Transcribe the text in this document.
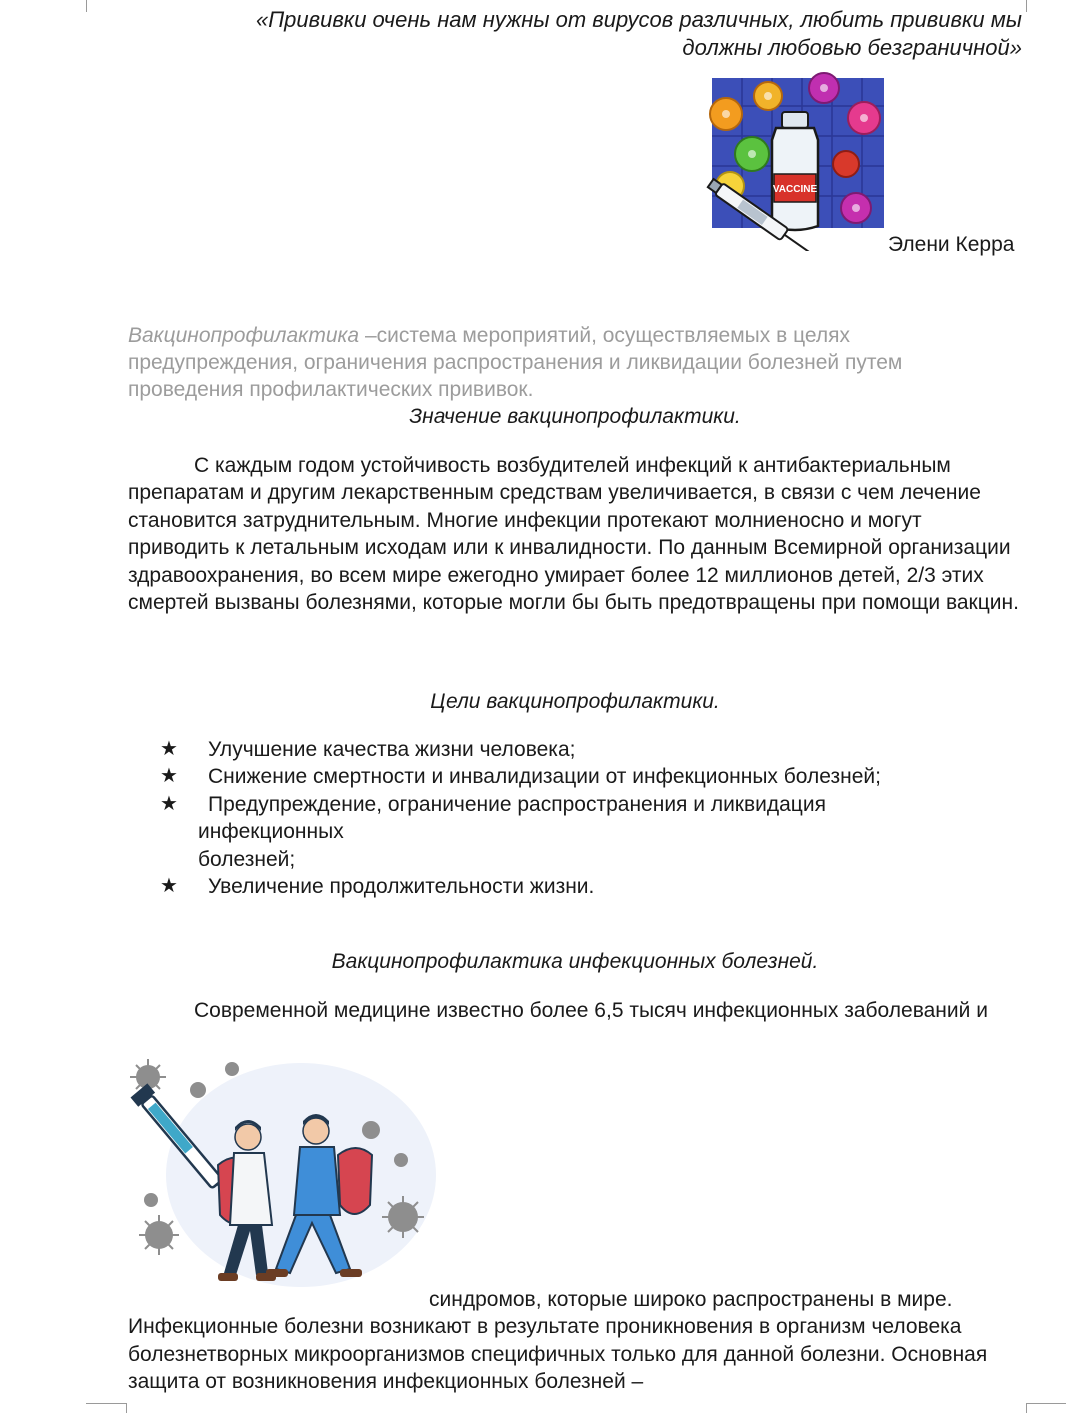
«Прививки очень нам нужны от вирусов различных, любить прививки мы
должны любовью безграничной»
VACCINE
Элени Керра
Вакцинопрофилактика –система мероприятий, осуществляемых в целях предупреждения, ограничения распространения и ликвидации болезней путем проведения профилактических прививок.
Значение вакцинопрофилактики.
С каждым годом устойчивость возбудителей инфекций к антибактериальным препаратам и другим лекарственным средствам увеличивается, в связи с чем лечение становится затруднительным. Многие инфекции протекают молниеносно и могут приводить к летальным исходам или к инвалидности. По данным Всемирной организации здравоохранения, во всем мире ежегодно умирает более 12 миллионов детей, 2/3 этих смертей вызваны болезнями, которые могли бы быть предотвращены при помощи вакцин.
Цели вакцинопрофилактики.
★ Улучшение качества жизни человека;
★ Снижение смертности и инвалидизации от инфекционных болезней;
★ Предупреждение, ограничение распространения и ликвидация
инфекционных
болезней;
★ Увеличение продолжительности жизни.
Вакцинопрофилактика инфекционных болезней.
Современной медицине известно более 6,5 тысяч инфекционных заболеваний и
синдромов, которые широко распространены в мире.
Инфекционные болезни возникают в результате проникновения в организм человека болезнетворных микроорганизмов специфичных только для данной болезни. Основная защита от возникновения инфекционных болезней –
